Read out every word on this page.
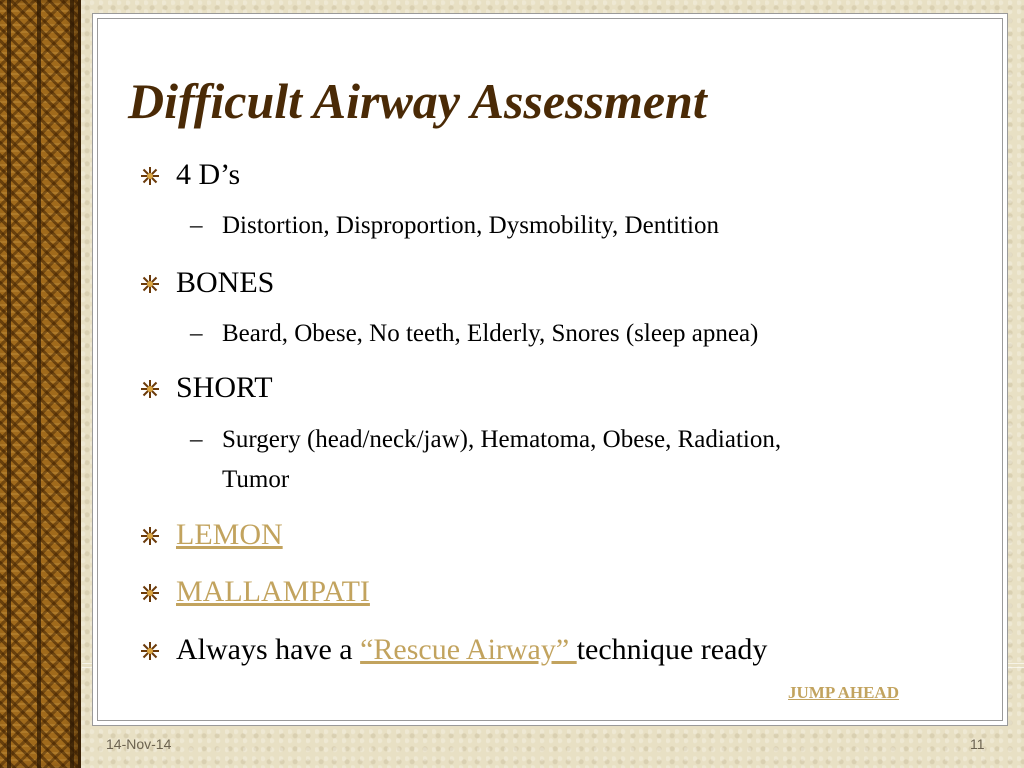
Difficult Airway Assessment
4 D’s
– Distortion, Disproportion, Dysmobility, Dentition
BONES
– Beard, Obese, No teeth, Elderly, Snores (sleep apnea)
SHORT
– Surgery (head/neck/jaw), Hematoma, Obese, Radiation,
Tumor
LEMON
MALLAMPATI
Always have a “Rescue Airway” technique ready
JUMP AHEAD
14-Nov-14	11
